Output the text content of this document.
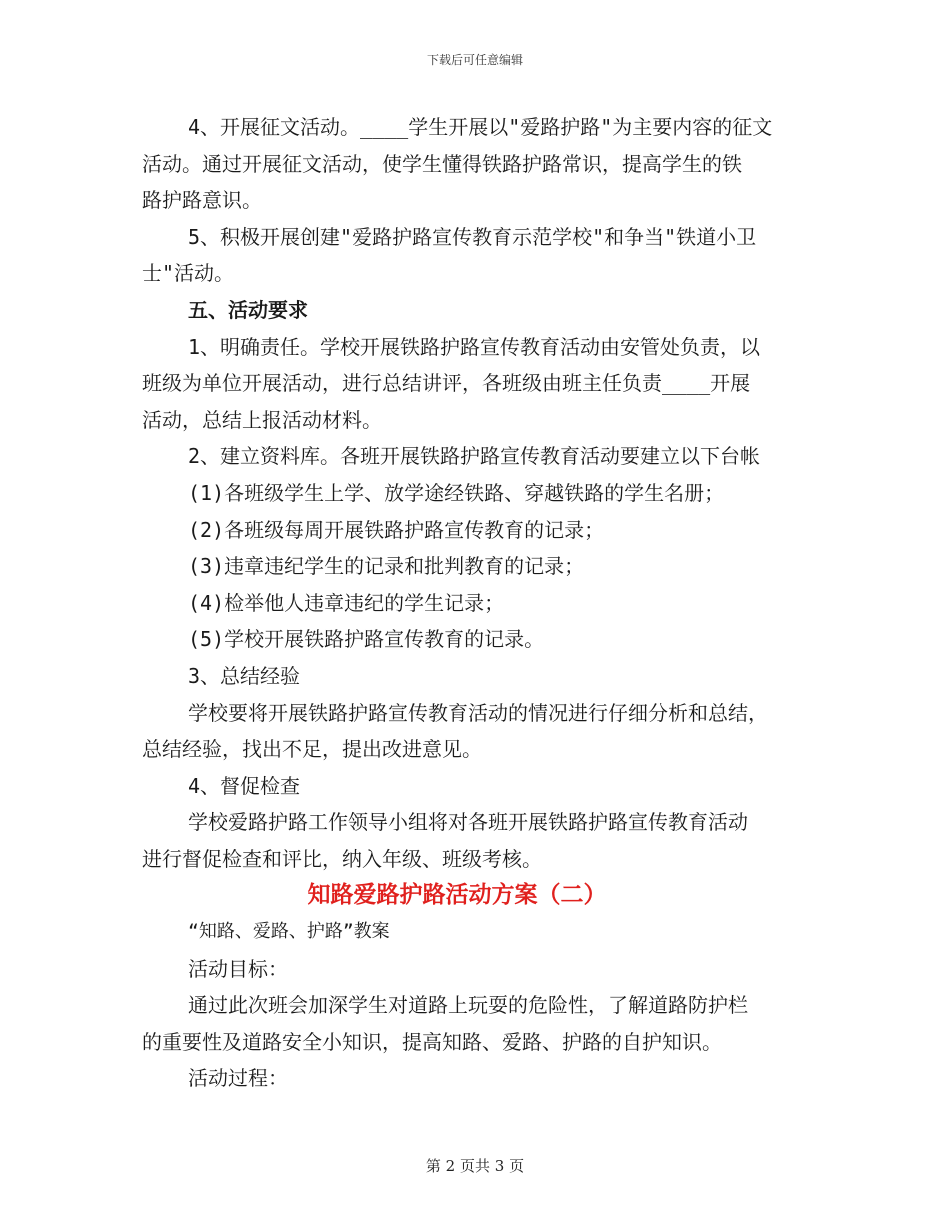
下载后可任意编辑
4、开展征文活动。____学生开展以"爱路护路"为主要内容的征文
活动。通过开展征文活动，使学生懂得铁路护路常识，提高学生的铁
路护路意识。
5、积极开展创建"爱路护路宣传教育示范学校"和争当"铁道小卫
士"活动。
五、活动要求
1、明确责任。学校开展铁路护路宣传教育活动由安管处负责，以
班级为单位开展活动，进行总结讲评，各班级由班主任负责____开展
活动，总结上报活动材料。
2、建立资料库。各班开展铁路护路宣传教育活动要建立以下台帐
(1)各班级学生上学、放学途经铁路、穿越铁路的学生名册；
(2)各班级每周开展铁路护路宣传教育的记录；
(3)违章违纪学生的记录和批判教育的记录；
(4)检举他人违章违纪的学生记录；
(5)学校开展铁路护路宣传教育的记录。
3、总结经验
学校要将开展铁路护路宣传教育活动的情况进行仔细分析和总结，
总结经验，找出不足，提出改进意见。
4、督促检查
学校爱路护路工作领导小组将对各班开展铁路护路宣传教育活动
进行督促检查和评比，纳入年级、班级考核。
知路爱路护路活动方案（二）
“知路、爱路、护路”教案
活动目标：
通过此次班会加深学生对道路上玩耍的危险性，了解道路防护栏
的重要性及道路安全小知识，提高知路、爱路、护路的自护知识。
活动过程：
第 2 页共 3 页
